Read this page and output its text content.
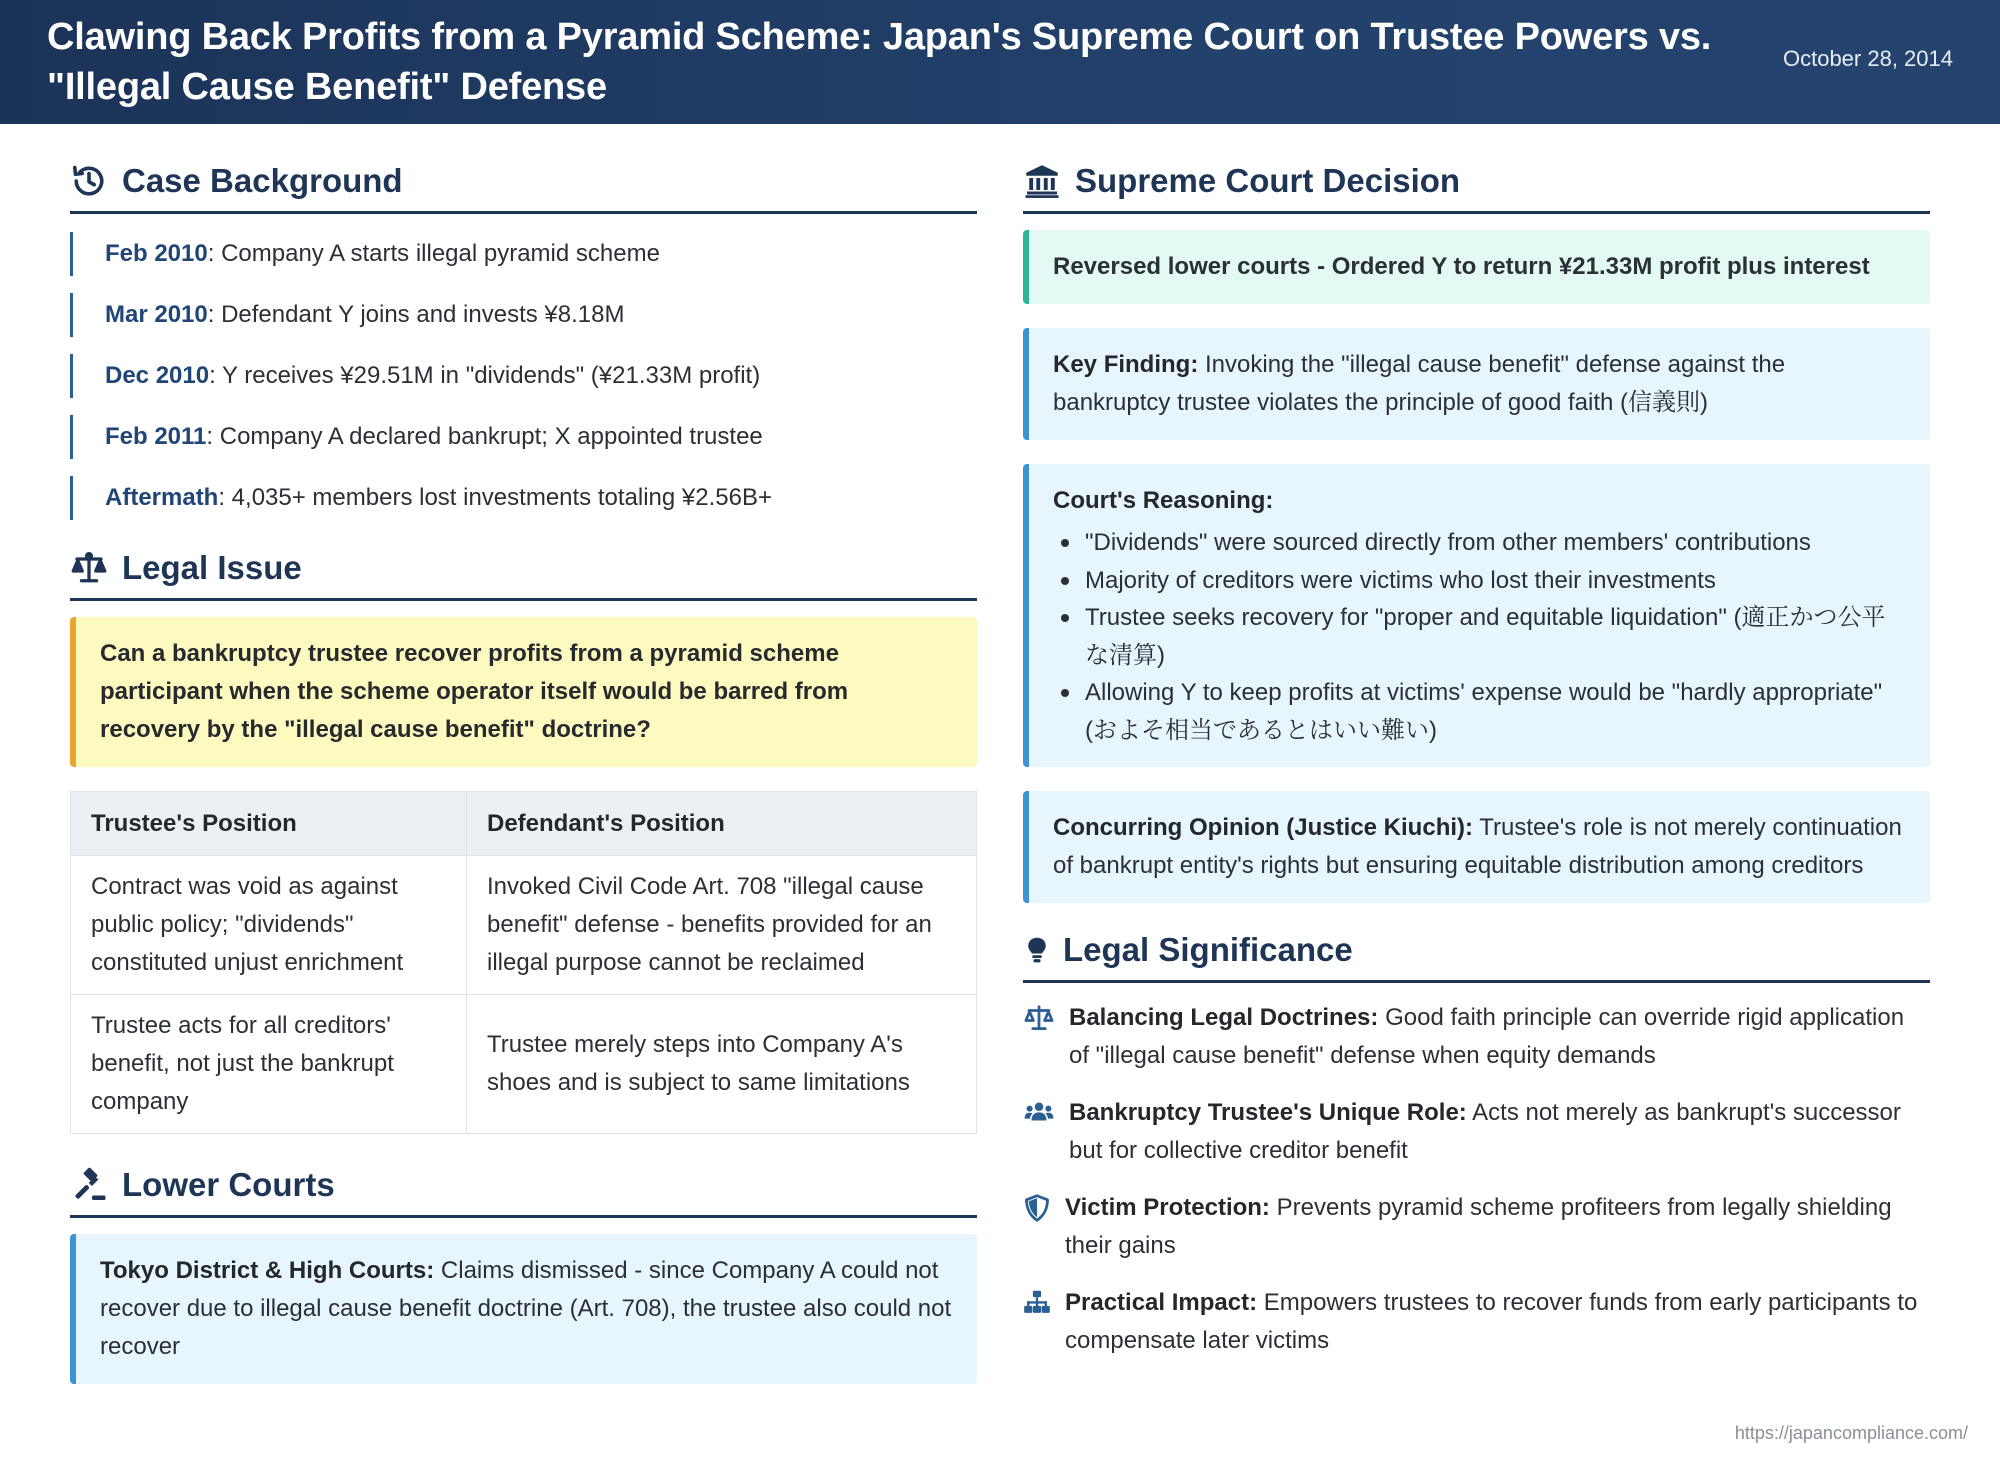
Clawing Back Profits from a Pyramid Scheme: Japan's Supreme Court on Trustee Powers vs. "Illegal Cause Benefit" Defense
October 28, 2014
Case Background
Feb 2010: Company A starts illegal pyramid scheme
Mar 2010: Defendant Y joins and invests ¥8.18M
Dec 2010: Y receives ¥29.51M in "dividends" (¥21.33M profit)
Feb 2011: Company A declared bankrupt; X appointed trustee
Aftermath: 4,035+ members lost investments totaling ¥2.56B+
Legal Issue
Can a bankruptcy trustee recover profits from a pyramid scheme participant when the scheme operator itself would be barred from recovery by the "illegal cause benefit" doctrine?
Trustee's Position	Defendant's Position
Contract was void as against public policy; "dividends" constituted unjust enrichment	Invoked Civil Code Art. 708 "illegal cause benefit" defense - benefits provided for an illegal purpose cannot be reclaimed
Trustee acts for all creditors' benefit, not just the bankrupt company	Trustee merely steps into Company A's shoes and is subject to same limitations
Lower Courts
Tokyo District & High Courts: Claims dismissed - since Company A could not recover due to illegal cause benefit doctrine (Art. 708), the trustee also could not recover
Supreme Court Decision
Reversed lower courts - Ordered Y to return ¥21.33M profit plus interest
Key Finding: Invoking the "illegal cause benefit" defense against the bankruptcy trustee violates the principle of good faith (信義則)
Court's Reasoning:
"Dividends" were sourced directly from other members' contributions
Majority of creditors were victims who lost their investments
Trustee seeks recovery for "proper and equitable liquidation" (適正かつ公平な清算)
Allowing Y to keep profits at victims' expense would be "hardly appropriate" (およそ相当であるとはいい難い)
Concurring Opinion (Justice Kiuchi): Trustee's role is not merely continuation of bankrupt entity's rights but ensuring equitable distribution among creditors
Legal Significance
Balancing Legal Doctrines: Good faith principle can override rigid application of "illegal cause benefit" defense when equity demands
Bankruptcy Trustee's Unique Role: Acts not merely as bankrupt's successor but for collective creditor benefit
Victim Protection: Prevents pyramid scheme profiteers from legally shielding their gains
Practical Impact: Empowers trustees to recover funds from early participants to compensate later victims
https://japancompliance.com/
